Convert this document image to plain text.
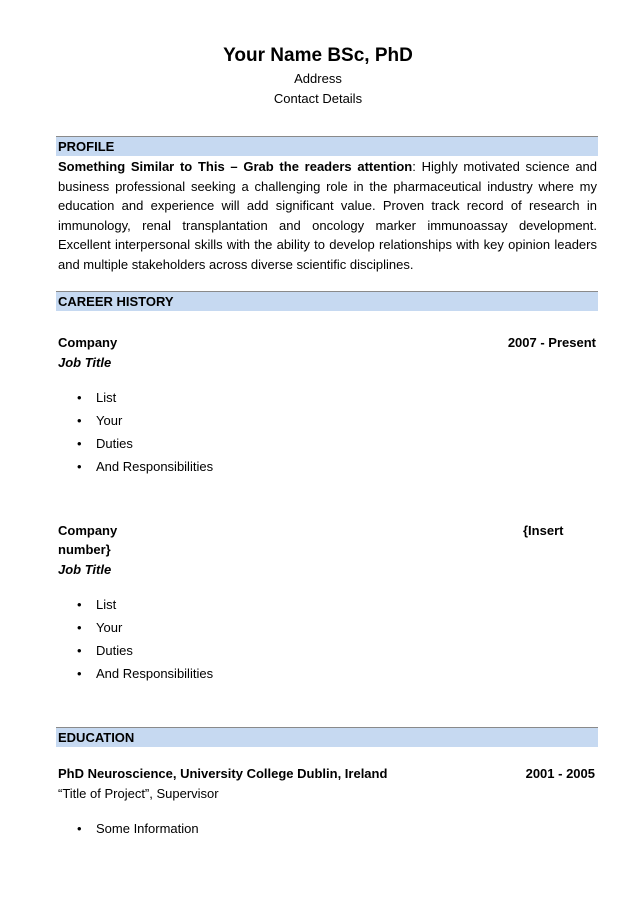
Your Name BSc, PhD
Address
Contact Details
PROFILE
Something Similar to This – Grab the readers attention: Highly motivated science and business professional seeking a challenging role in the pharmaceutical industry where my education and experience will add significant value. Proven track record of research in immunology, renal transplantation and oncology marker immunoassay development. Excellent interpersonal skills with the ability to develop relationships with key opinion leaders and multiple stakeholders across diverse scientific disciplines.
CAREER HISTORY
Company	2007 - Present
Job Title
• List
• Your
• Duties
• And Responsibilities
Company	{Insert
number}
Job Title
• List
• Your
• Duties
• And Responsibilities
EDUCATION
PhD Neuroscience, University College Dublin, Ireland	2001 - 2005
“Title of Project”, Supervisor
• Some Information
